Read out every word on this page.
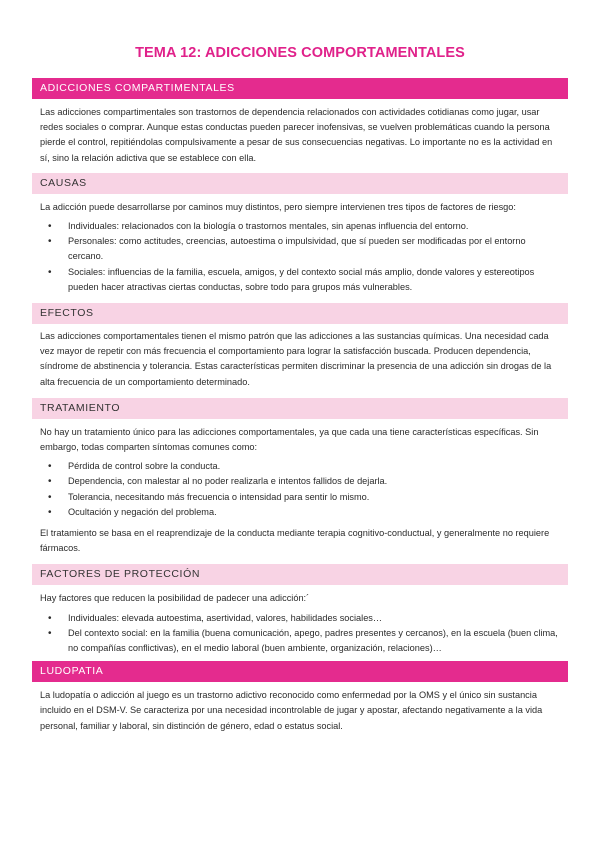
TEMA 12: ADICCIONES COMPORTAMENTALES
ADICCIONES COMPARTIMENTALES

Las adicciones compartimentales son trastornos de dependencia relacionados con actividades cotidianas como jugar, usar redes sociales o comprar. Aunque estas conductas pueden parecer inofensivas, se vuelven problemáticas cuando la persona pierde el control, repitiéndolas compulsivamente a pesar de sus consecuencias negativas. Lo importante no es la actividad en sí, sino la relación adictiva que se establece con ella.

CAUSAS

La adicción puede desarrollarse por caminos muy distintos, pero siempre intervienen tres tipos de factores de riesgo:

• Individuales: relacionados con la biología o trastornos mentales, sin apenas influencia del entorno.
• Personales: como actitudes, creencias, autoestima o impulsividad, que sí pueden ser modificadas por el entorno cercano.
• Sociales: influencias de la familia, escuela, amigos, y del contexto social más amplio, donde valores y estereotipos pueden hacer atractivas ciertas conductas, sobre todo para grupos más vulnerables.
EFECTOS

Las adicciones comportamentales tienen el mismo patrón que las adicciones a las sustancias químicas. Una necesidad cada vez mayor de repetir con más frecuencia el comportamiento para lograr la satisfacción buscada. Producen dependencia, síndrome de abstinencia y tolerancia. Estas características permiten discriminar la presencia de una adicción sin drogas de la alta frecuencia de un comportamiento determinado.

TRATAMIENTO

No hay un tratamiento único para las adicciones comportamentales, ya que cada una tiene características específicas. Sin embargo, todas comparten síntomas comunes como:

• Pérdida de control sobre la conducta.
• Dependencia, con malestar al no poder realizarla e intentos fallidos de dejarla.
• Tolerancia, necesitando más frecuencia o intensidad para sentir lo mismo.
• Ocultación y negación del problema.

El tratamiento se basa en el reaprendizaje de la conducta mediante terapia cognitivo-conductual, y generalmente no requiere fármacos.

FACTORES DE PROTECCIÓN

Hay factores que reducen la posibilidad de padecer una adicción:´

• Individuales: elevada autoestima, asertividad, valores, habilidades sociales…
• Del contexto social: en la familia (buena comunicación, apego, padres presentes y cercanos), en la escuela (buen clima, no compañías conflictivas), en el medio laboral (buen ambiente, organización, relaciones)…
LUDOPATIA

La ludopatía o adicción al juego es un trastorno adictivo reconocido como enfermedad por la OMS y el único sin sustancia incluido en el DSM-V. Se caracteriza por una necesidad incontrolable de jugar y apostar, afectando negativamente a la vida personal, familiar y laboral, sin distinción de género, edad o estatus social.
